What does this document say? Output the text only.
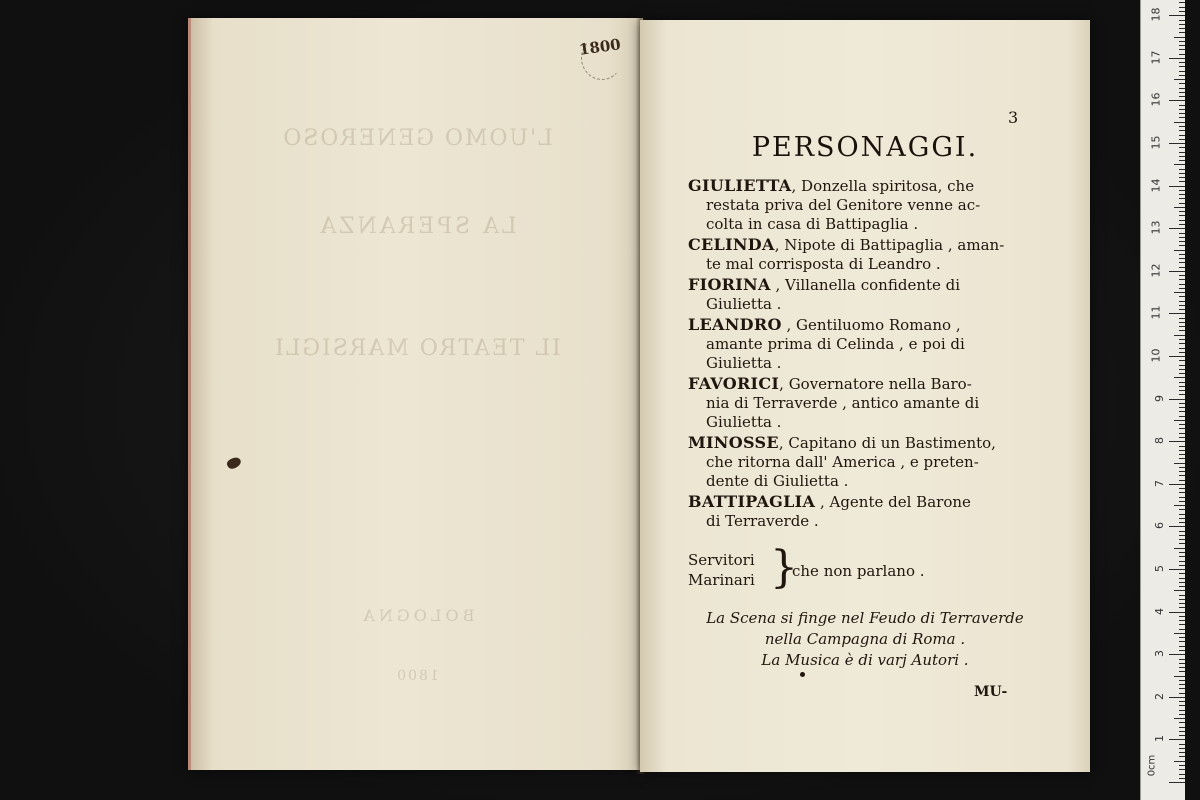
L'UOMO GENEROSO
LA SPERANZA
IL TEATRO MARSIGLI
BOLOGNA
1800
1800
3
PERSONAGGI.
GIULIETTA, Donzella spiritosa, che
restata priva del Genitore venne ac-
colta in casa di Battipaglia .
CELINDA, Nipote di Battipaglia , aman-
te mal corrisposta di Leandro .
FIORINA , Villanella confidente di
Giulietta .
LEANDRO , Gentiluomo Romano ,
amante prima di Celinda , e poi di
Giulietta .
FAVORICI, Governatore nella Baro-
nia di Terraverde , antico amante di
Giulietta .
MINOSSE, Capitano di un Bastimento,
che ritorna dall' America , e preten-
dente di Giulietta .
BATTIPAGLIA , Agente del Barone
di Terraverde .
Servitori
Marinari }
che non parlano .
La Scena si finge nel Feudo di Terraverde
nella Campagna di Roma .
La Musica è di varj Autori .
MU-
0cm
1
2
3
4
5
6
7
8
9
10
11
12
13
14
15
16
17
18
